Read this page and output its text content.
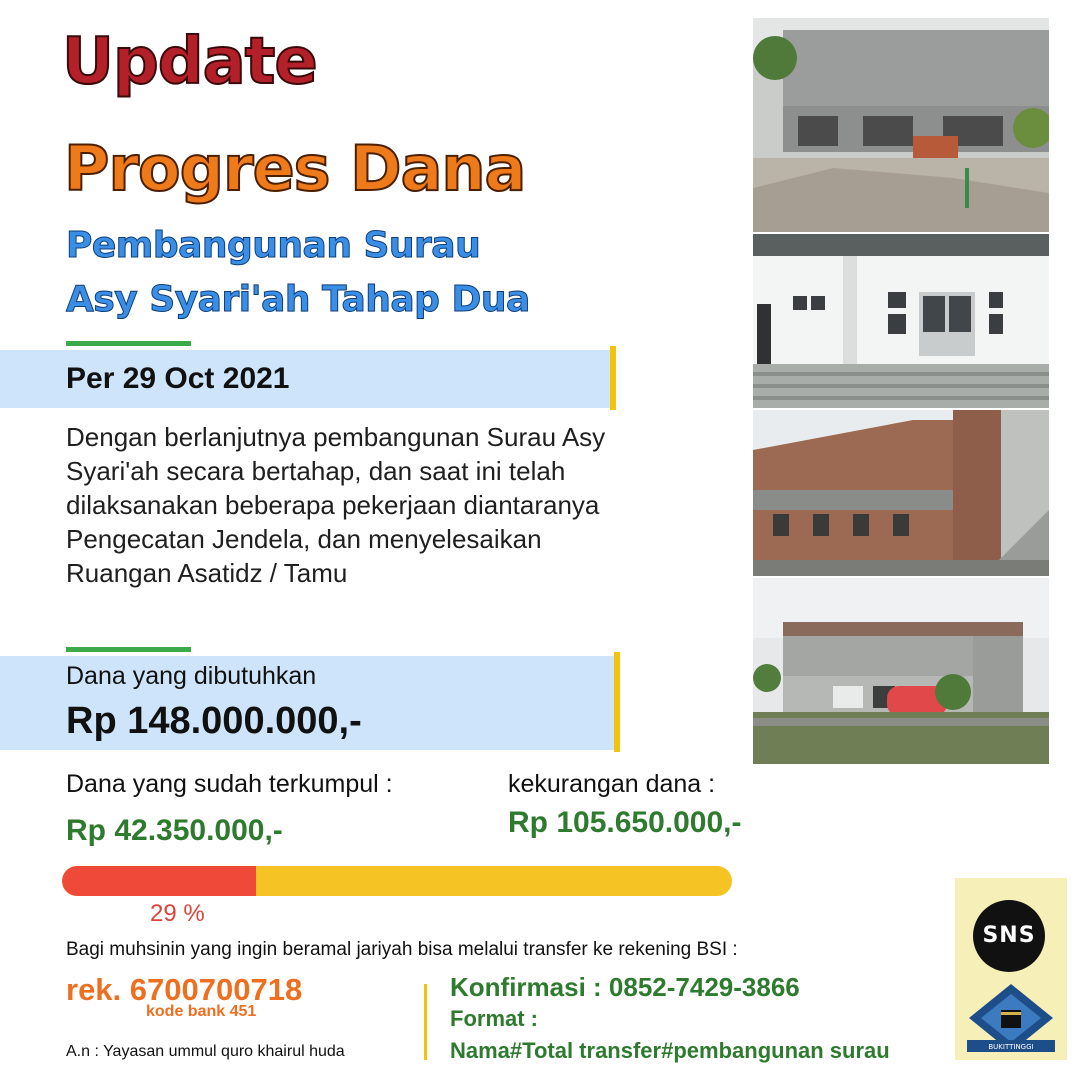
Update
Progres Dana
Pembangunan Surau
Asy Syari'ah Tahap Dua
Per 29 Oct 2021
Dengan berlanjutnya pembangunan Surau Asy Syari'ah secara bertahap, dan saat ini telah dilaksanakan beberapa pekerjaan diantaranya Pengecatan Jendela, dan menyelesaikan Ruangan Asatidz / Tamu
Dana yang dibutuhkan
Rp 148.000.000,-
Dana yang sudah terkumpul :
Rp 42.350.000,-
kekurangan dana :
Rp 105.650.000,-
29 %
Bagi muhsinin yang ingin beramal jariyah bisa melalui transfer ke rekening BSI :
rek. 6700700718
kode bank 451
A.n : Yayasan ummul quro khairul huda
Konfirmasi : 0852-7429-3866
Format :
Nama#Total transfer#pembangunan surau
SNS
BUKITTINGGI
